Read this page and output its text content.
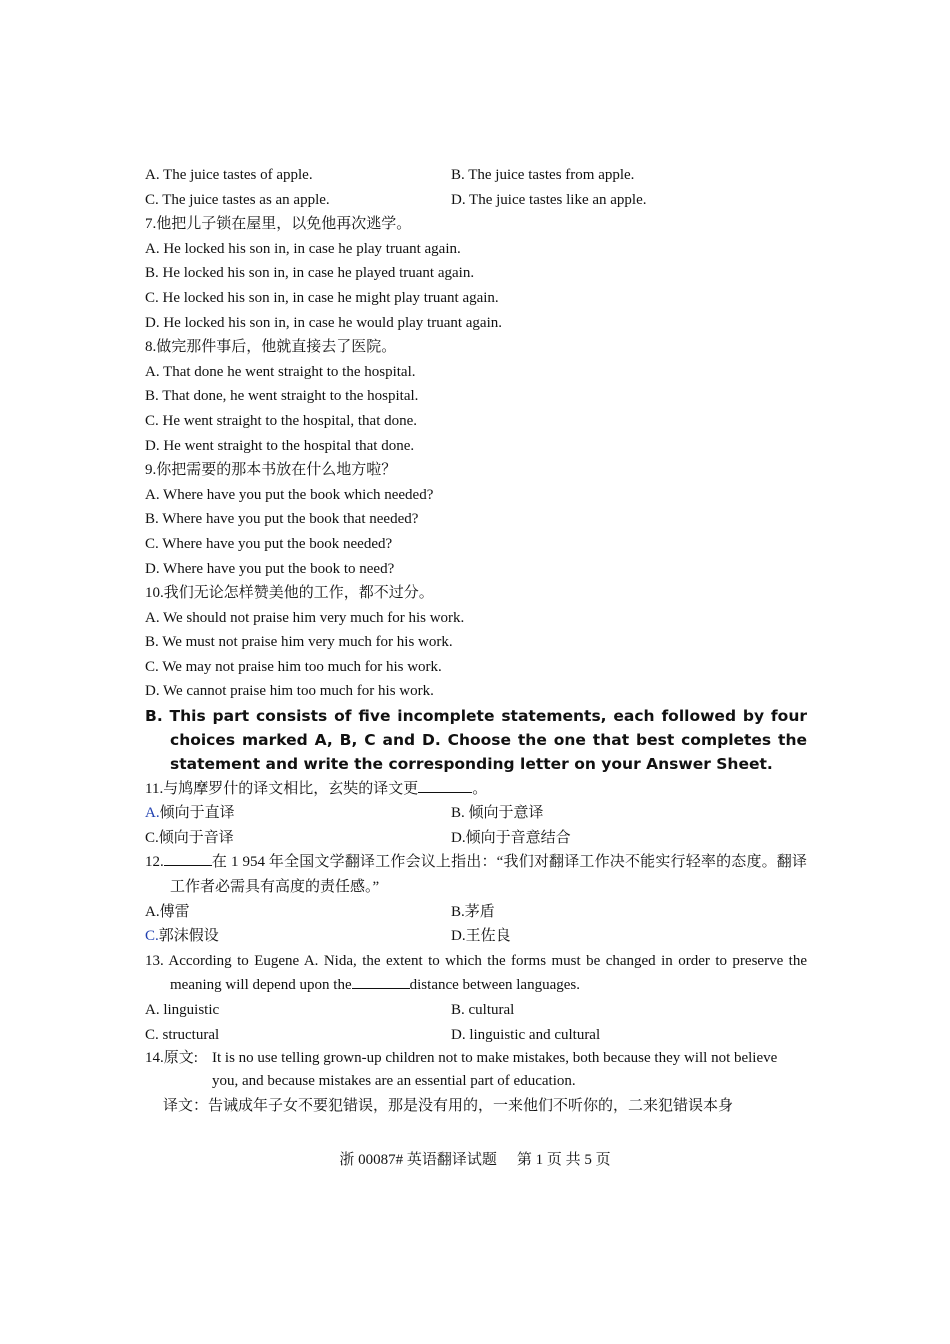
A. The juice tastes of apple.	B. The juice tastes from apple.
C. The juice tastes as an apple.	D. The juice tastes like an apple.
7.他把儿子锁在屋里，以免他再次逃学。
A. He locked his son in, in case he play truant again.
B. He locked his son in, in case he played truant again.
C. He locked his son in, in case he might play truant again.
D. He locked his son in, in case he would play truant again.
8.做完那件事后，他就直接去了医院。
A. That done he went straight to the hospital.
B. That done, he went straight to the hospital.
C. He went straight to the hospital, that done.
D. He went straight to the hospital that done.
9.你把需要的那本书放在什么地方啦？
A. Where have you put the book which needed?
B. Where have you put the book that needed?
C. Where have you put the book needed?
D. Where have you put the book to need?
10.我们无论怎样赞美他的工作，都不过分。
A. We should not praise him very much for his work.
B. We must not praise him very much for his work.
C. We may not praise him too much for his work.
D. We cannot praise him too much for his work.
B. This part consists of five incomplete statements, each followed by four choices marked A, B, C and D. Choose the one that best completes the statement and write the corresponding letter on your Answer Sheet.
11.与鸠摩罗什的译文相比，玄奘的译文更	。
A.倾向于直译	B. 倾向于意译
C.倾向于音译	D.倾向于音意结合
12.	在 1 954 年全国文学翻译工作会议上指出：“我们对翻译工作决不能实行轻率的态度。翻译工作者必需具有高度的责任感。”
A.傅雷	B.茅盾
C.郭沫假设	D.王佐良
13. According to Eugene A. Nida, the extent to which the forms must be changed in order to preserve the meaning will depend upon the	distance between languages.
A. linguistic	B. cultural
C. structural	D. linguistic and cultural
14.原文: It is no use telling grown-up children not to make mistakes, both because they will not believe you, and because mistakes are an essential part of education.
译文：告诫成年子女不要犯错误，那是没有用的，一来他们不听你的，二来犯错误本身
浙 00087# 英语翻译试题 第 1 页 共 5 页
